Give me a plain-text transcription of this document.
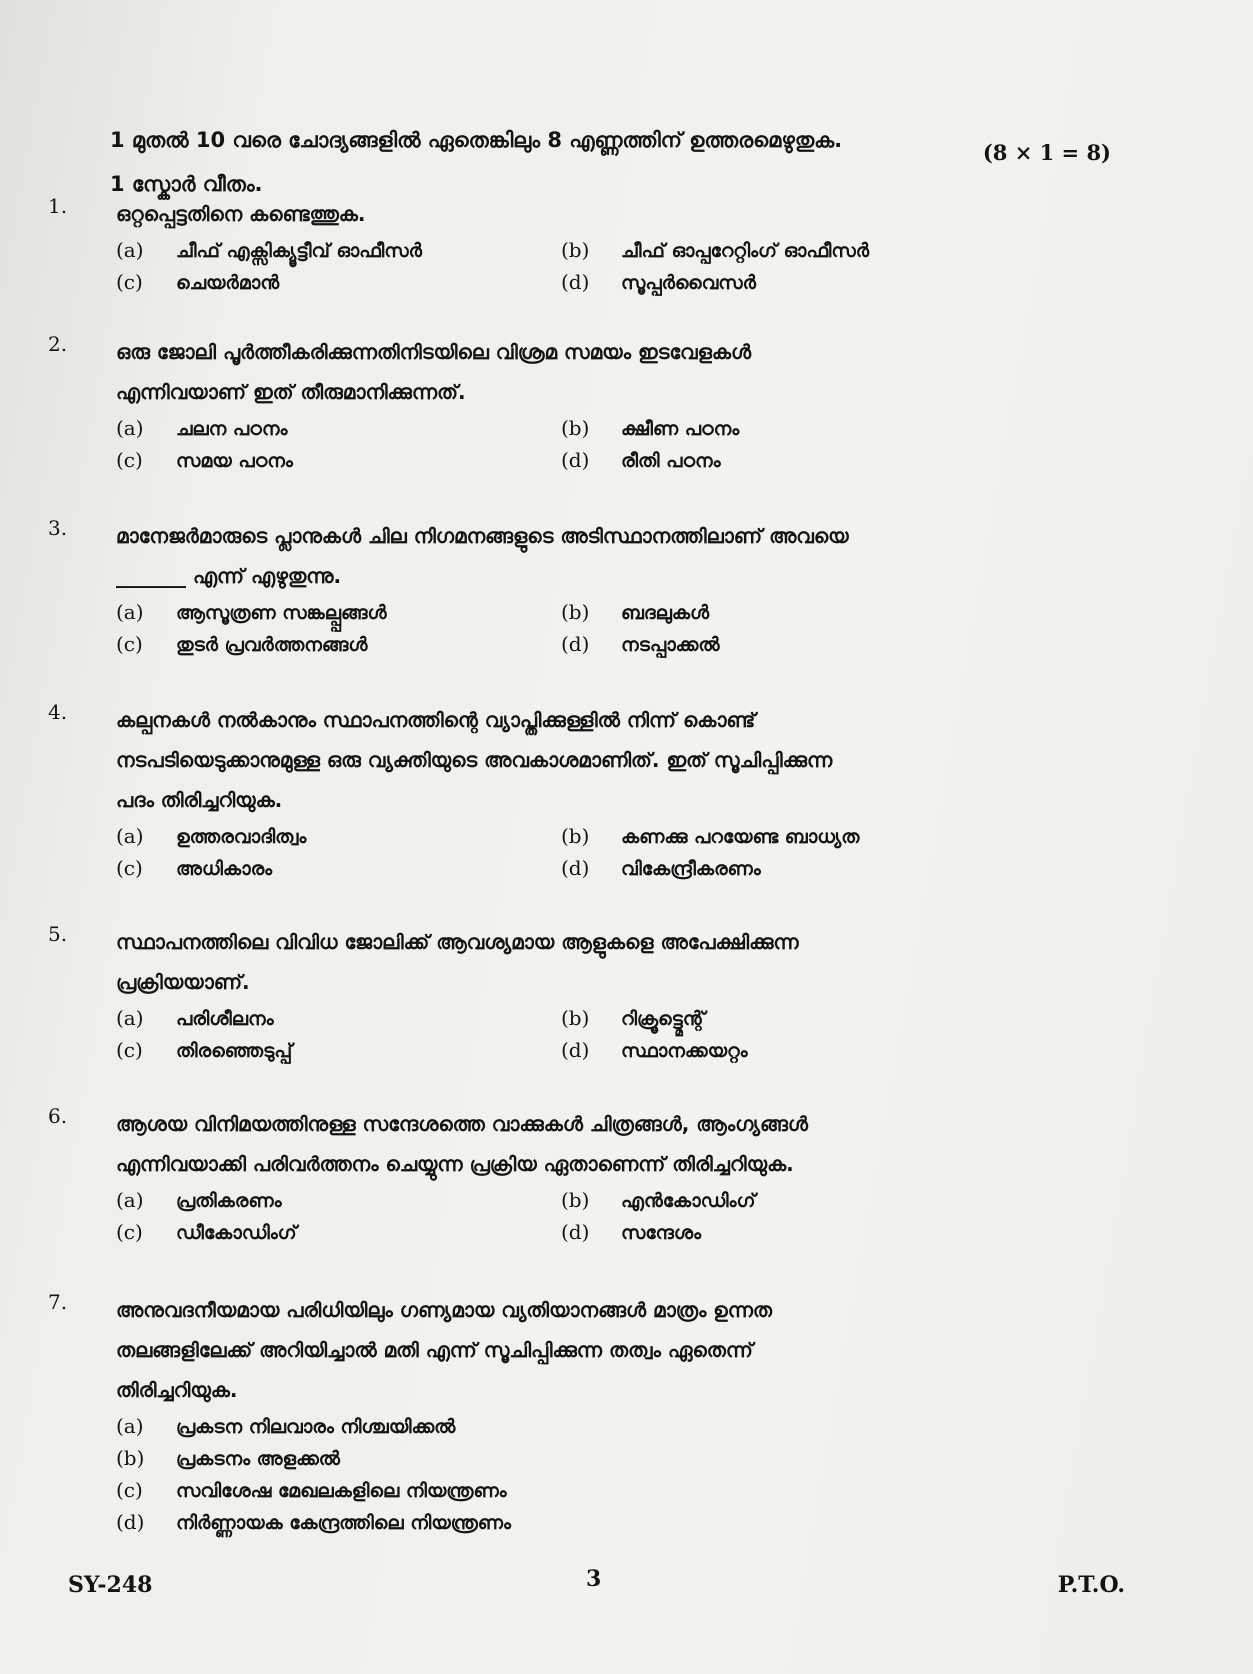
1 മുതൽ 10 വരെ ചോദ്യങ്ങളിൽ ഏതെങ്കിലും 8 എണ്ണത്തിന് ഉത്തരമെഴുതുക.
1 സ്കോർ വീതം.
(8 × 1 = 8)
1.	ഒറ്റപ്പെട്ടതിനെ കണ്ടെത്തുക.
(a)	ചീഫ് എക്സിക്യൂട്ടീവ് ഓഫീസർ	(b)	ചീഫ് ഓപ്പറേറ്റിംഗ് ഓഫീസർ
(c)	ചെയർമാൻ	(d)	സൂപ്പർവൈസർ
2.	ഒരു ജോലി പൂർത്തീകരിക്കുന്നതിനിടയിലെ വിശ്രമ സമയം ഇടവേളകൾ
എന്നിവയാണ് ഇത് തീരുമാനിക്കുന്നത്.
(a)	ചലന പഠനം	(b)	ക്ഷീണ പഠനം
(c)	സമയ പഠനം	(d)	രീതി പഠനം
3.	മാനേജർമാരുടെ പ്ലാനുകൾ ചില നിഗമനങ്ങളുടെ അടിസ്ഥാനത്തിലാണ് അവയെ
_______ എന്ന് എഴുതുന്നു.
(a)	ആസൂത്രണ സങ്കല്പ്പങ്ങൾ	(b)	ബദലുകൾ
(c)	തുടർ പ്രവർത്തനങ്ങൾ	(d)	നടപ്പാക്കൽ
4.	കല്പനകൾ നൽകാനും സ്ഥാപനത്തിന്റെ വ്യാപ്തിക്കുള്ളിൽ നിന്ന് കൊണ്ട്
നടപടിയെടുക്കാനുമുള്ള ഒരു വ്യക്തിയുടെ അവകാശമാണിത്. ഇത് സൂചിപ്പിക്കുന്ന
പദം തിരിച്ചറിയുക.
(a)	ഉത്തരവാദിത്വം	(b)	കണക്കു പറയേണ്ട ബാധ്യത
(c)	അധികാരം	(d)	വികേന്ദ്രീകരണം
5.	സ്ഥാപനത്തിലെ വിവിധ ജോലിക്ക് ആവശ്യമായ ആളുകളെ അപേക്ഷിക്കുന്ന
പ്രക്രിയയാണ്.
(a)	പരിശീലനം	(b)	റിക്രൂട്ട്മെന്റ്
(c)	തിരഞ്ഞെടുപ്പ്	(d)	സ്ഥാനക്കയറ്റം
6.	ആശയ വിനിമയത്തിനുള്ള സന്ദേശത്തെ വാക്കുകൾ ചിത്രങ്ങൾ, ആംഗ്യങ്ങൾ
എന്നിവയാക്കി പരിവർത്തനം ചെയ്യുന്ന പ്രക്രിയ ഏതാണെന്ന് തിരിച്ചറിയുക.
(a)	പ്രതികരണം	(b)	എൻകോഡിംഗ്
(c)	ഡീകോഡിംഗ്	(d)	സന്ദേശം
7.	അനുവദനീയമായ പരിധിയിലും ഗണ്യമായ വ്യതിയാനങ്ങൾ മാത്രം ഉന്നത
തലങ്ങളിലേക്ക് അറിയിച്ചാൽ മതി എന്ന് സൂചിപ്പിക്കുന്ന തത്വം ഏതെന്ന്
തിരിച്ചറിയുക.
(a)	പ്രകടന നിലവാരം നിശ്ചയിക്കൽ
(b)	പ്രകടനം അളക്കൽ
(c)	സവിശേഷ മേഖലകളിലെ നിയന്ത്രണം
(d)	നിർണ്ണായക കേന്ദ്രത്തിലെ നിയന്ത്രണം
SY-248	3	P.T.O.
